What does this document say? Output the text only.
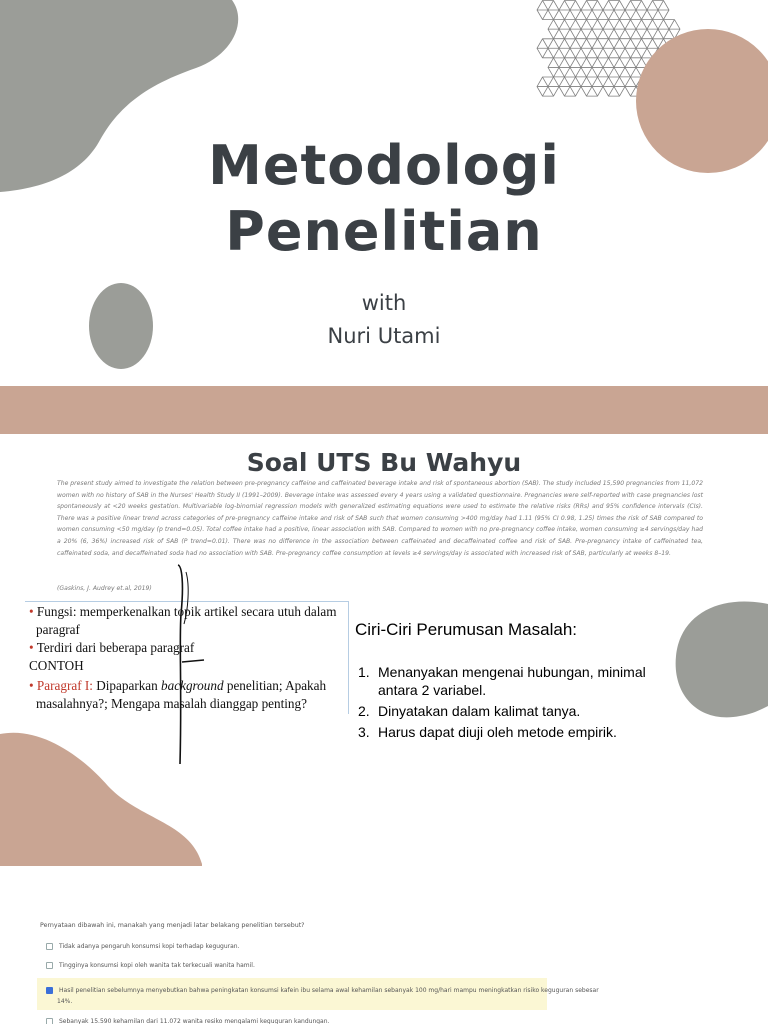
Metodologi
Penelitian
with
Nuri Utami
Soal UTS Bu Wahyu
The present study aimed to investigate the relation between pre-pregnancy caffeine and caffeinated beverage intake and risk of spontaneous abortion (SAB). The study included 15,590 pregnancies from 11,072 women with no history of SAB in the Nurses' Health Study II (1991–2009). Beverage intake was assessed every 4 years using a validated questionnaire. Pregnancies were self-reported with case pregnancies lost spontaneously at <20 weeks gestation. Multivariable log-binomial regression models with generalized estimating equations were used to estimate the relative risks (RRs) and 95% confidence intervals (CIs). There was a positive linear trend across categories of pre-pregnancy caffeine intake and risk of SAB such that women consuming >400 mg/day had 1.11 (95% CI 0.98, 1.25) times the risk of SAB compared to women consuming <50 mg/day (p trend=0.05). Total coffee intake had a positive, linear association with SAB. Compared to women with no pre-pregnancy coffee intake, women consuming ≥4 servings/day had a 20% (6, 36%) increased risk of SAB (P trend=0.01). There was no difference in the association between caffeinated and decaffeinated coffee and risk of SAB. Pre-pregnancy intake of caffeinated tea, caffeinated soda, and decaffeinated soda had no association with SAB. Pre-pregnancy coffee consumption at levels ≥4 servings/day is associated with increased risk of SAB, particularly at weeks 8–19.
(Gaskins, J. Audrey et.al, 2019)
• Fungsi: memperkenalkan topik artikel secara utuh dalam
paragraf
• Terdiri dari beberapa paragraf
CONTOH
• Paragraf I: Dipaparkan background penelitian; Apakah
masalahnya?; Mengapa masalah dianggap penting?
Ciri-Ciri Perumusan Masalah:
1. Menanyakan mengenai hubungan, minimal antara 2 variabel.
2. Dinyatakan dalam kalimat tanya.
3. Harus dapat diuji oleh metode empirik.
Pernyataan dibawah ini, manakah yang menjadi latar belakang penelitian tersebut?
Tidak adanya pengaruh konsumsi kopi terhadap keguguran.
Tingginya konsumsi kopi oleh wanita tak terkecuali wanita hamil.
Hasil penelitian sebelumnya menyebutkan bahwa peningkatan konsumsi kafein ibu selama awal kehamilan sebanyak 100 mg/hari mampu meningkatkan risiko keguguran sebesar
14%.
Sebanyak 15.590 kehamilan dari 11.072 wanita resiko mengalami keguguran kandungan.
